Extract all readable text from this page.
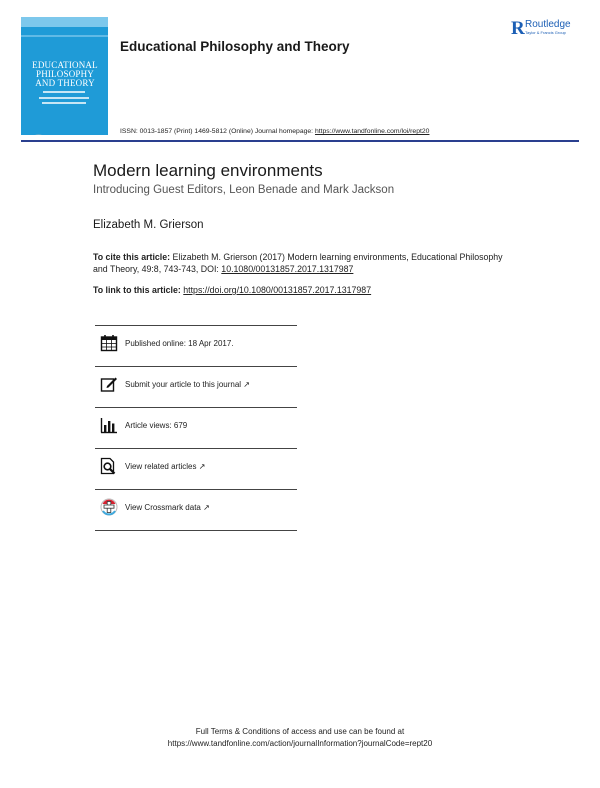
EDUCATIONAL
PHILOSOPHY
AND THEORY
Educational Philosophy and Theory
R Routledge
Taylor & Francis Group
ISSN: 0013-1857 (Print) 1469-5812 (Online) Journal homepage: https://www.tandfonline.com/loi/rept20
Modern learning environments
Introducing Guest Editors, Leon Benade and Mark Jackson
Elizabeth M. Grierson
To cite this article: Elizabeth M. Grierson (2017) Modern learning environments, Educational Philosophy and Theory, 49:8, 743-743, DOI: 10.1080/00131857.2017.1317987
To link to this article: https://doi.org/10.1080/00131857.2017.1317987
Published online: 18 Apr 2017.
Submit your article to this journal ↗
Article views: 679
View related articles ↗
View Crossmark data ↗
Full Terms & Conditions of access and use can be found at
https://www.tandfonline.com/action/journalInformation?journalCode=rept20
